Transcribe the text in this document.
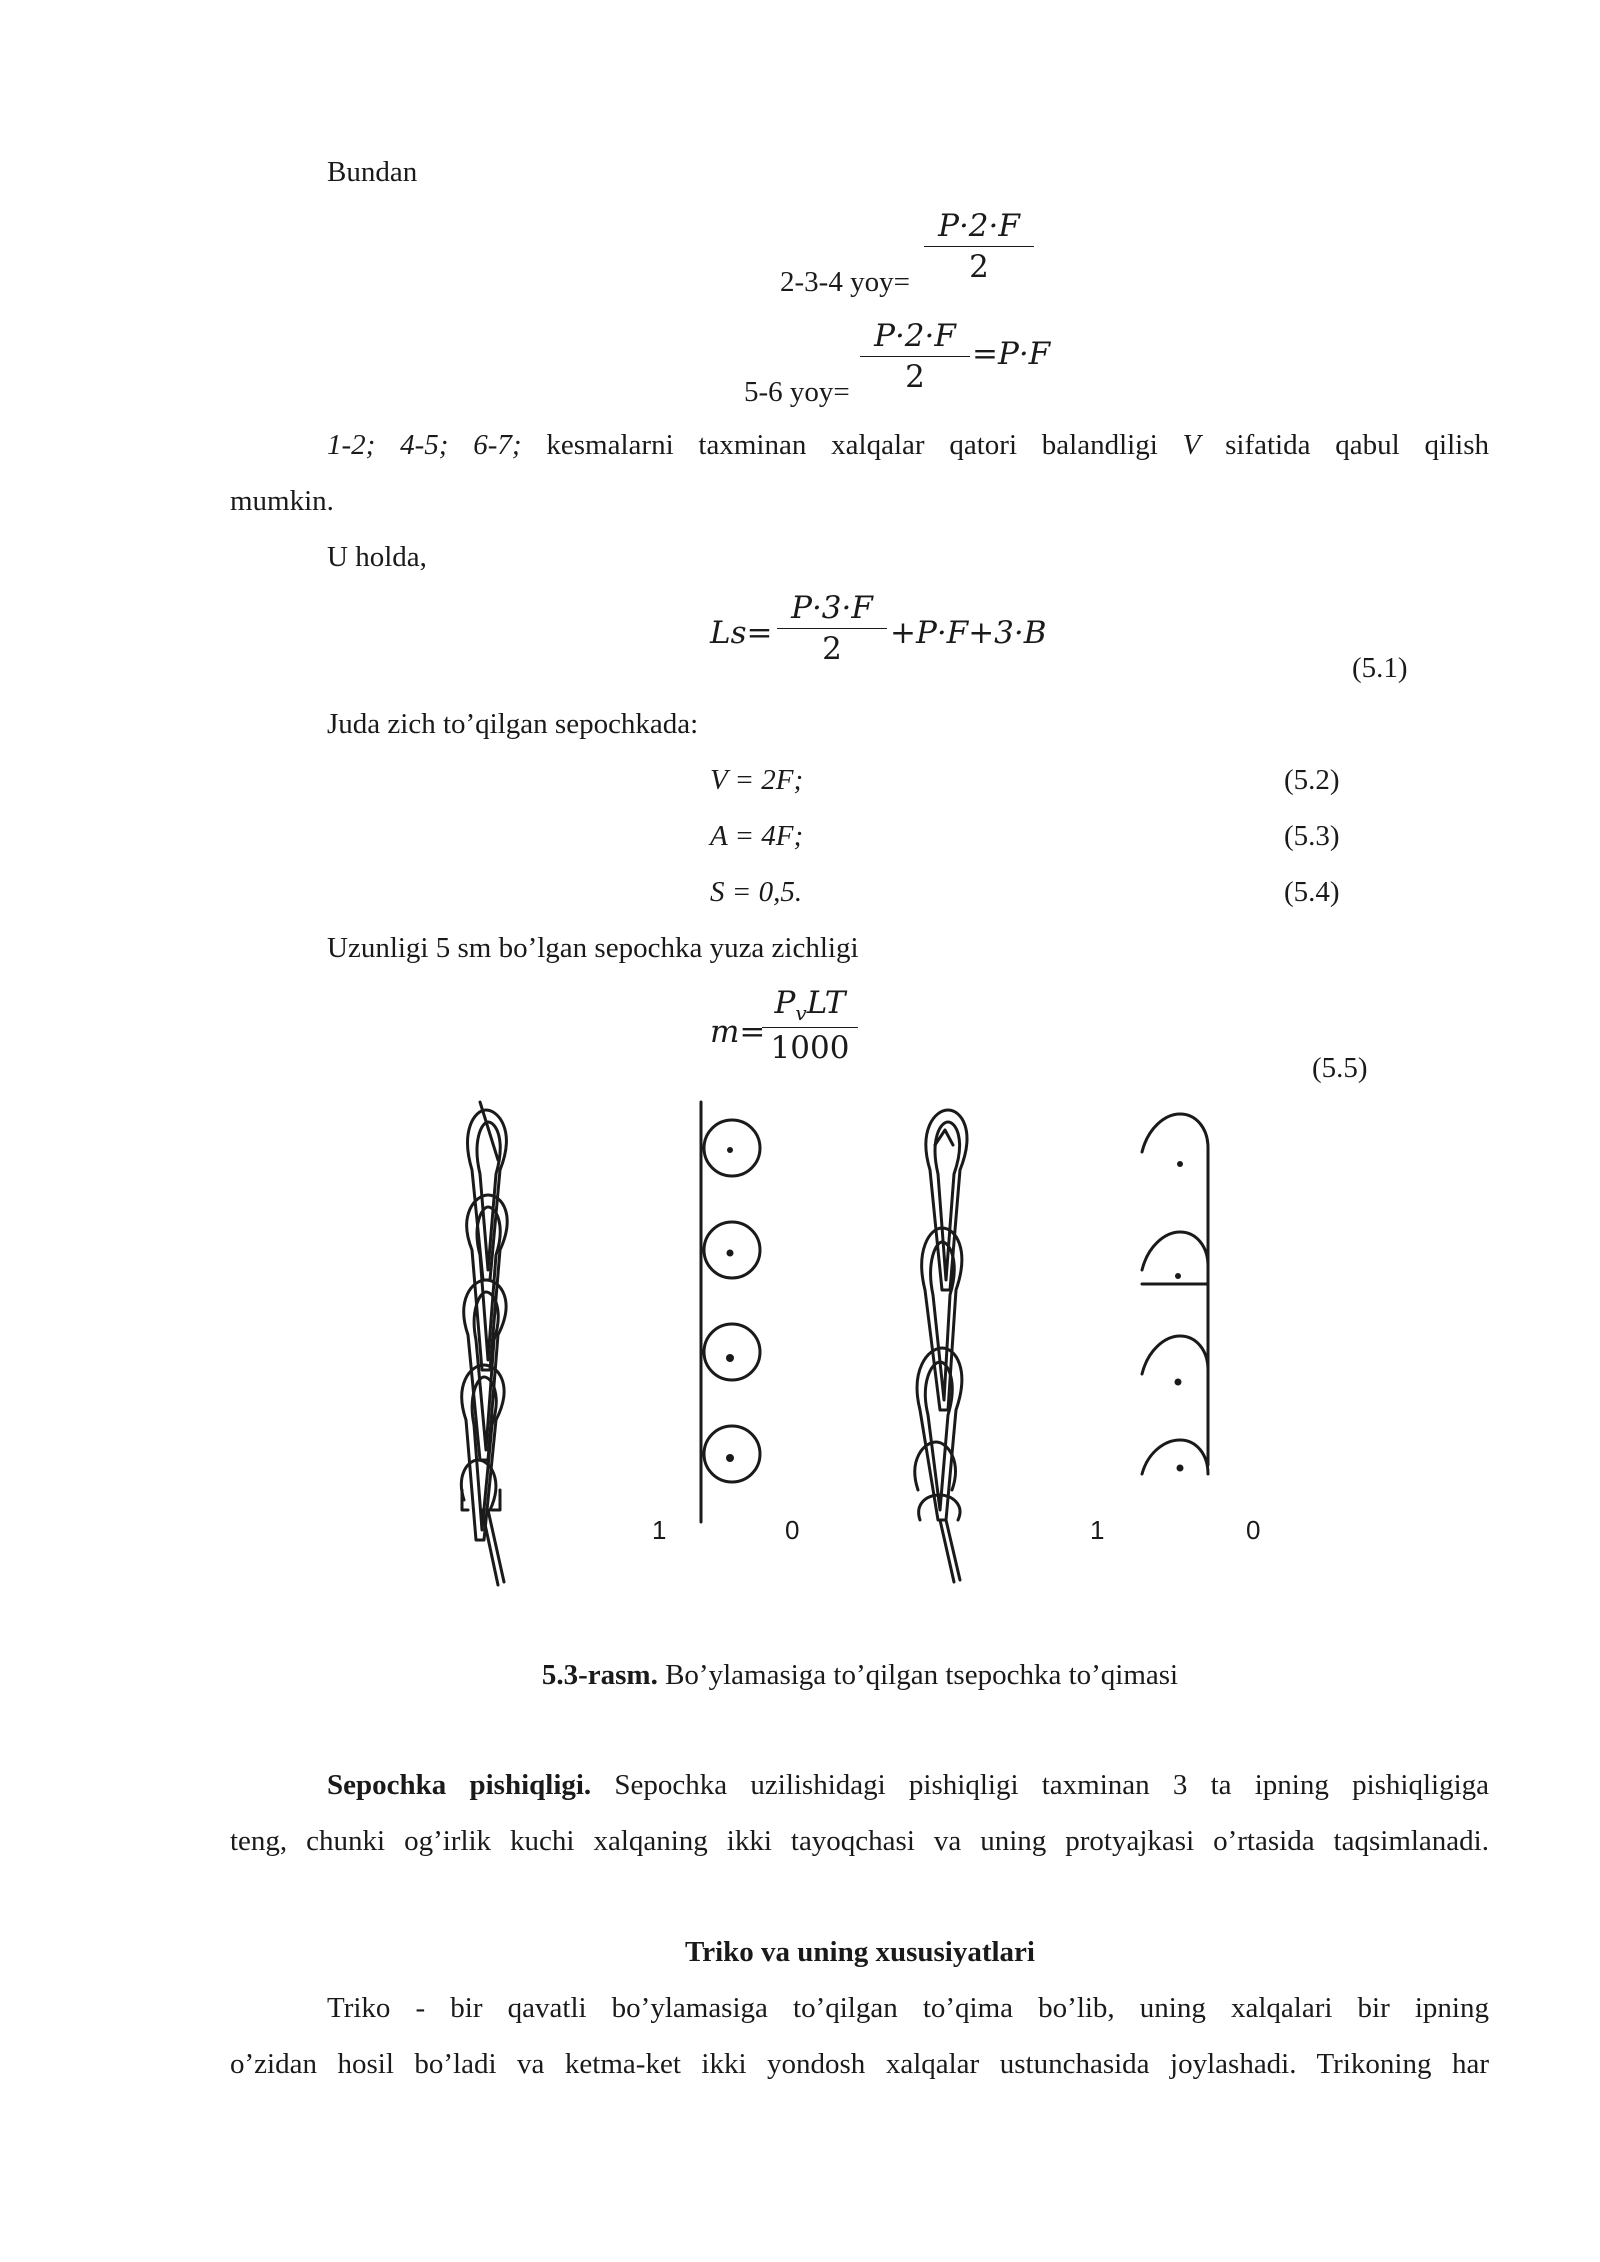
Bundan
2-3-4 $yoy= \frac{P\cdot 2\cdot F}{2}$
5-6 $yoy= \frac{P\cdot 2\cdot F}{2} =P\cdot F$
1-2; 4-5; 6-7; kesmalarni taxminan xalqalar qatori balandligi V sifatida qabul qilish
mumkin.
U holda,
$Ls= \frac{P\cdot 3\cdot F}{2} +P\cdot F+3\cdot B$
(5.1)
Juda zich to’qilgan sepochkada:
V = 2F;	(5.2)
A = 4F;	(5.3)
S = 0,5.	(5.4)
Uzunligi 5 sm bo’lgan sepochka yuza zichligi
m=
$P_vLT$
1000
(5.5)
1	0	1	0
5.3-rasm. Bo’ylamasiga to’qilgan tsepochka to’qimasi
Sepochka pishiqligi. Sepochka uzilishidagi pishiqligi taxminan 3 ta ipning pishiqligiga
teng, chunki og’irlik kuchi xalqaning ikki tayoqchasi va uning protyajkasi o’rtasida taqsimlanadi.
Triko va uning xususiyatlari
Triko - bir qavatli bo’ylamasiga to’qilgan to’qima bo’lib, uning xalqalari bir ipning
o’zidan hosil bo’ladi va ketma-ket ikki yondosh xalqalar ustunchasida joylashadi. Trikoning har
